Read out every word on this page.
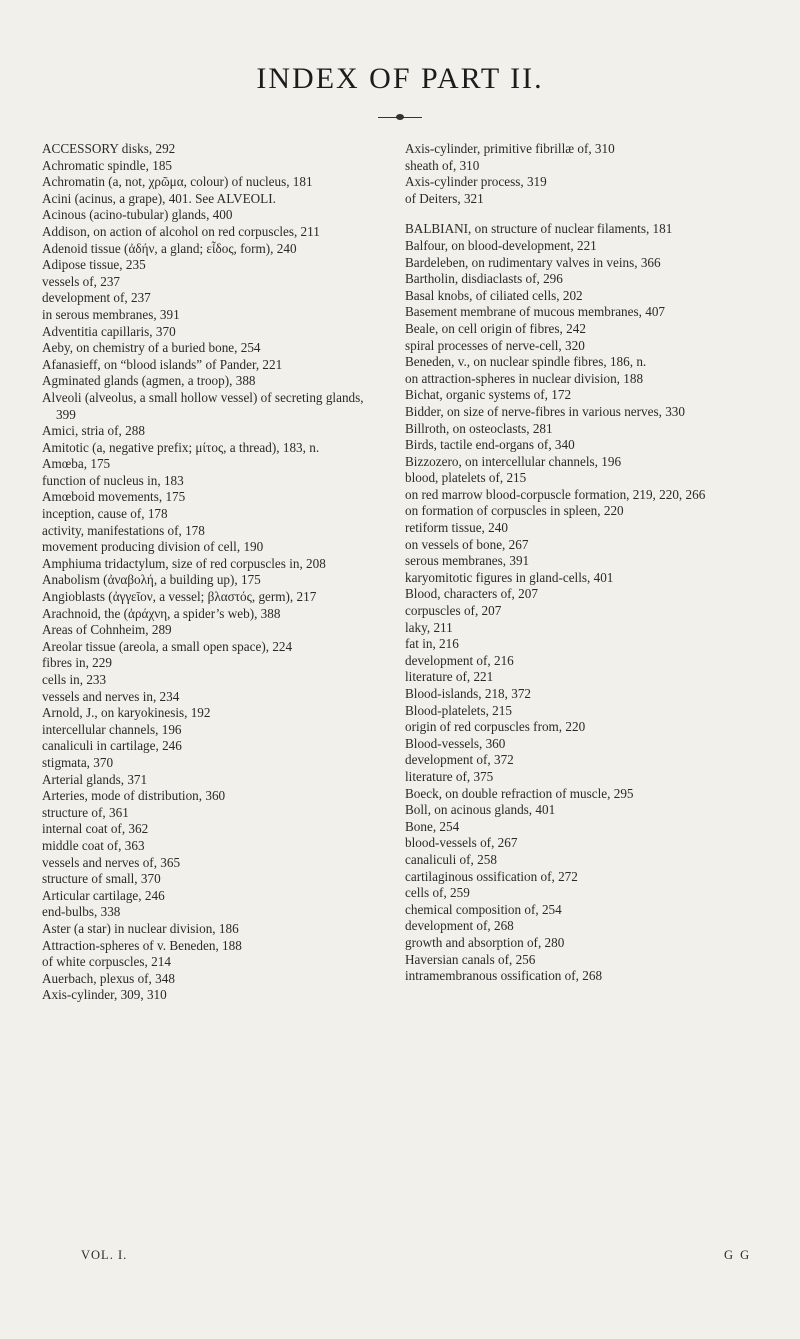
INDEX OF PART II.
ACCESSORY disks, 292
Achromatic spindle, 185
Achromatin (a, not, χρῶμα, colour) of nucleus, 181
Acini (acinus, a grape), 401. See ALVEOLI.
Acinous (acino-tubular) glands, 400
Addison, on action of alcohol on red corpuscles, 211
Adenoid tissue (ἀδήν, a gland; εἶδος, form), 240
Adipose tissue, 235
vessels of, 237
development of, 237
in serous membranes, 391
Adventitia capillaris, 370
Aeby, on chemistry of a buried bone, 254
Afanasieff, on “blood islands” of Pander, 221
Agminated glands (agmen, a troop), 388
Alveoli (alveolus, a small hollow vessel) of secreting glands, 399
Amici, stria of, 288
Amitotic (a, negative prefix; μίτος, a thread), 183, n.
Amœba, 175
function of nucleus in, 183
Amœboid movements, 175
inception, cause of, 178
activity, manifestations of, 178
movement producing division of cell, 190
Amphiuma tridactylum, size of red corpuscles in, 208
Anabolism (ἀναβολή, a building up), 175
Angioblasts (ἀγγεῖον, a vessel; βλαστός, germ), 217
Arachnoid, the (ἀράχνη, a spider’s web), 388
Areas of Cohnheim, 289
Areolar tissue (areola, a small open space), 224
fibres in, 229
cells in, 233
vessels and nerves in, 234
Arnold, J., on karyokinesis, 192
intercellular channels, 196
canaliculi in cartilage, 246
stigmata, 370
Arterial glands, 371
Arteries, mode of distribution, 360
structure of, 361
internal coat of, 362
middle coat of, 363
vessels and nerves of, 365
structure of small, 370
Articular cartilage, 246
end-bulbs, 338
Aster (a star) in nuclear division, 186
Attraction-spheres of v. Beneden, 188
of white corpuscles, 214
Auerbach, plexus of, 348
Axis-cylinder, 309, 310
Axis-cylinder, primitive fibrillæ of, 310
sheath of, 310
Axis-cylinder process, 319
of Deiters, 321
BALBIANI, on structure of nuclear filaments, 181
Balfour, on blood-development, 221
Bardeleben, on rudimentary valves in veins, 366
Bartholin, disdiaclasts of, 296
Basal knobs, of ciliated cells, 202
Basement membrane of mucous membranes, 407
Beale, on cell origin of fibres, 242
spiral processes of nerve-cell, 320
Beneden, v., on nuclear spindle fibres, 186, n.
on attraction-spheres in nuclear division, 188
Bichat, organic systems of, 172
Bidder, on size of nerve-fibres in various nerves, 330
Billroth, on osteoclasts, 281
Birds, tactile end-organs of, 340
Bizzozero, on intercellular channels, 196
blood, platelets of, 215
on red marrow blood-corpuscle formation, 219, 220, 266
on formation of corpuscles in spleen, 220
retiform tissue, 240
on vessels of bone, 267
serous membranes, 391
karyomitotic figures in gland-cells, 401
Blood, characters of, 207
corpuscles of, 207
laky, 211
fat in, 216
development of, 216
literature of, 221
Blood-islands, 218, 372
Blood-platelets, 215
origin of red corpuscles from, 220
Blood-vessels, 360
development of, 372
literature of, 375
Boeck, on double refraction of muscle, 295
Boll, on acinous glands, 401
Bone, 254
blood-vessels of, 267
canaliculi of, 258
cartilaginous ossification of, 272
cells of, 259
chemical composition of, 254
development of, 268
growth and absorption of, 280
Haversian canals of, 256
intramembranous ossification of, 268
VOL. I.	G G
